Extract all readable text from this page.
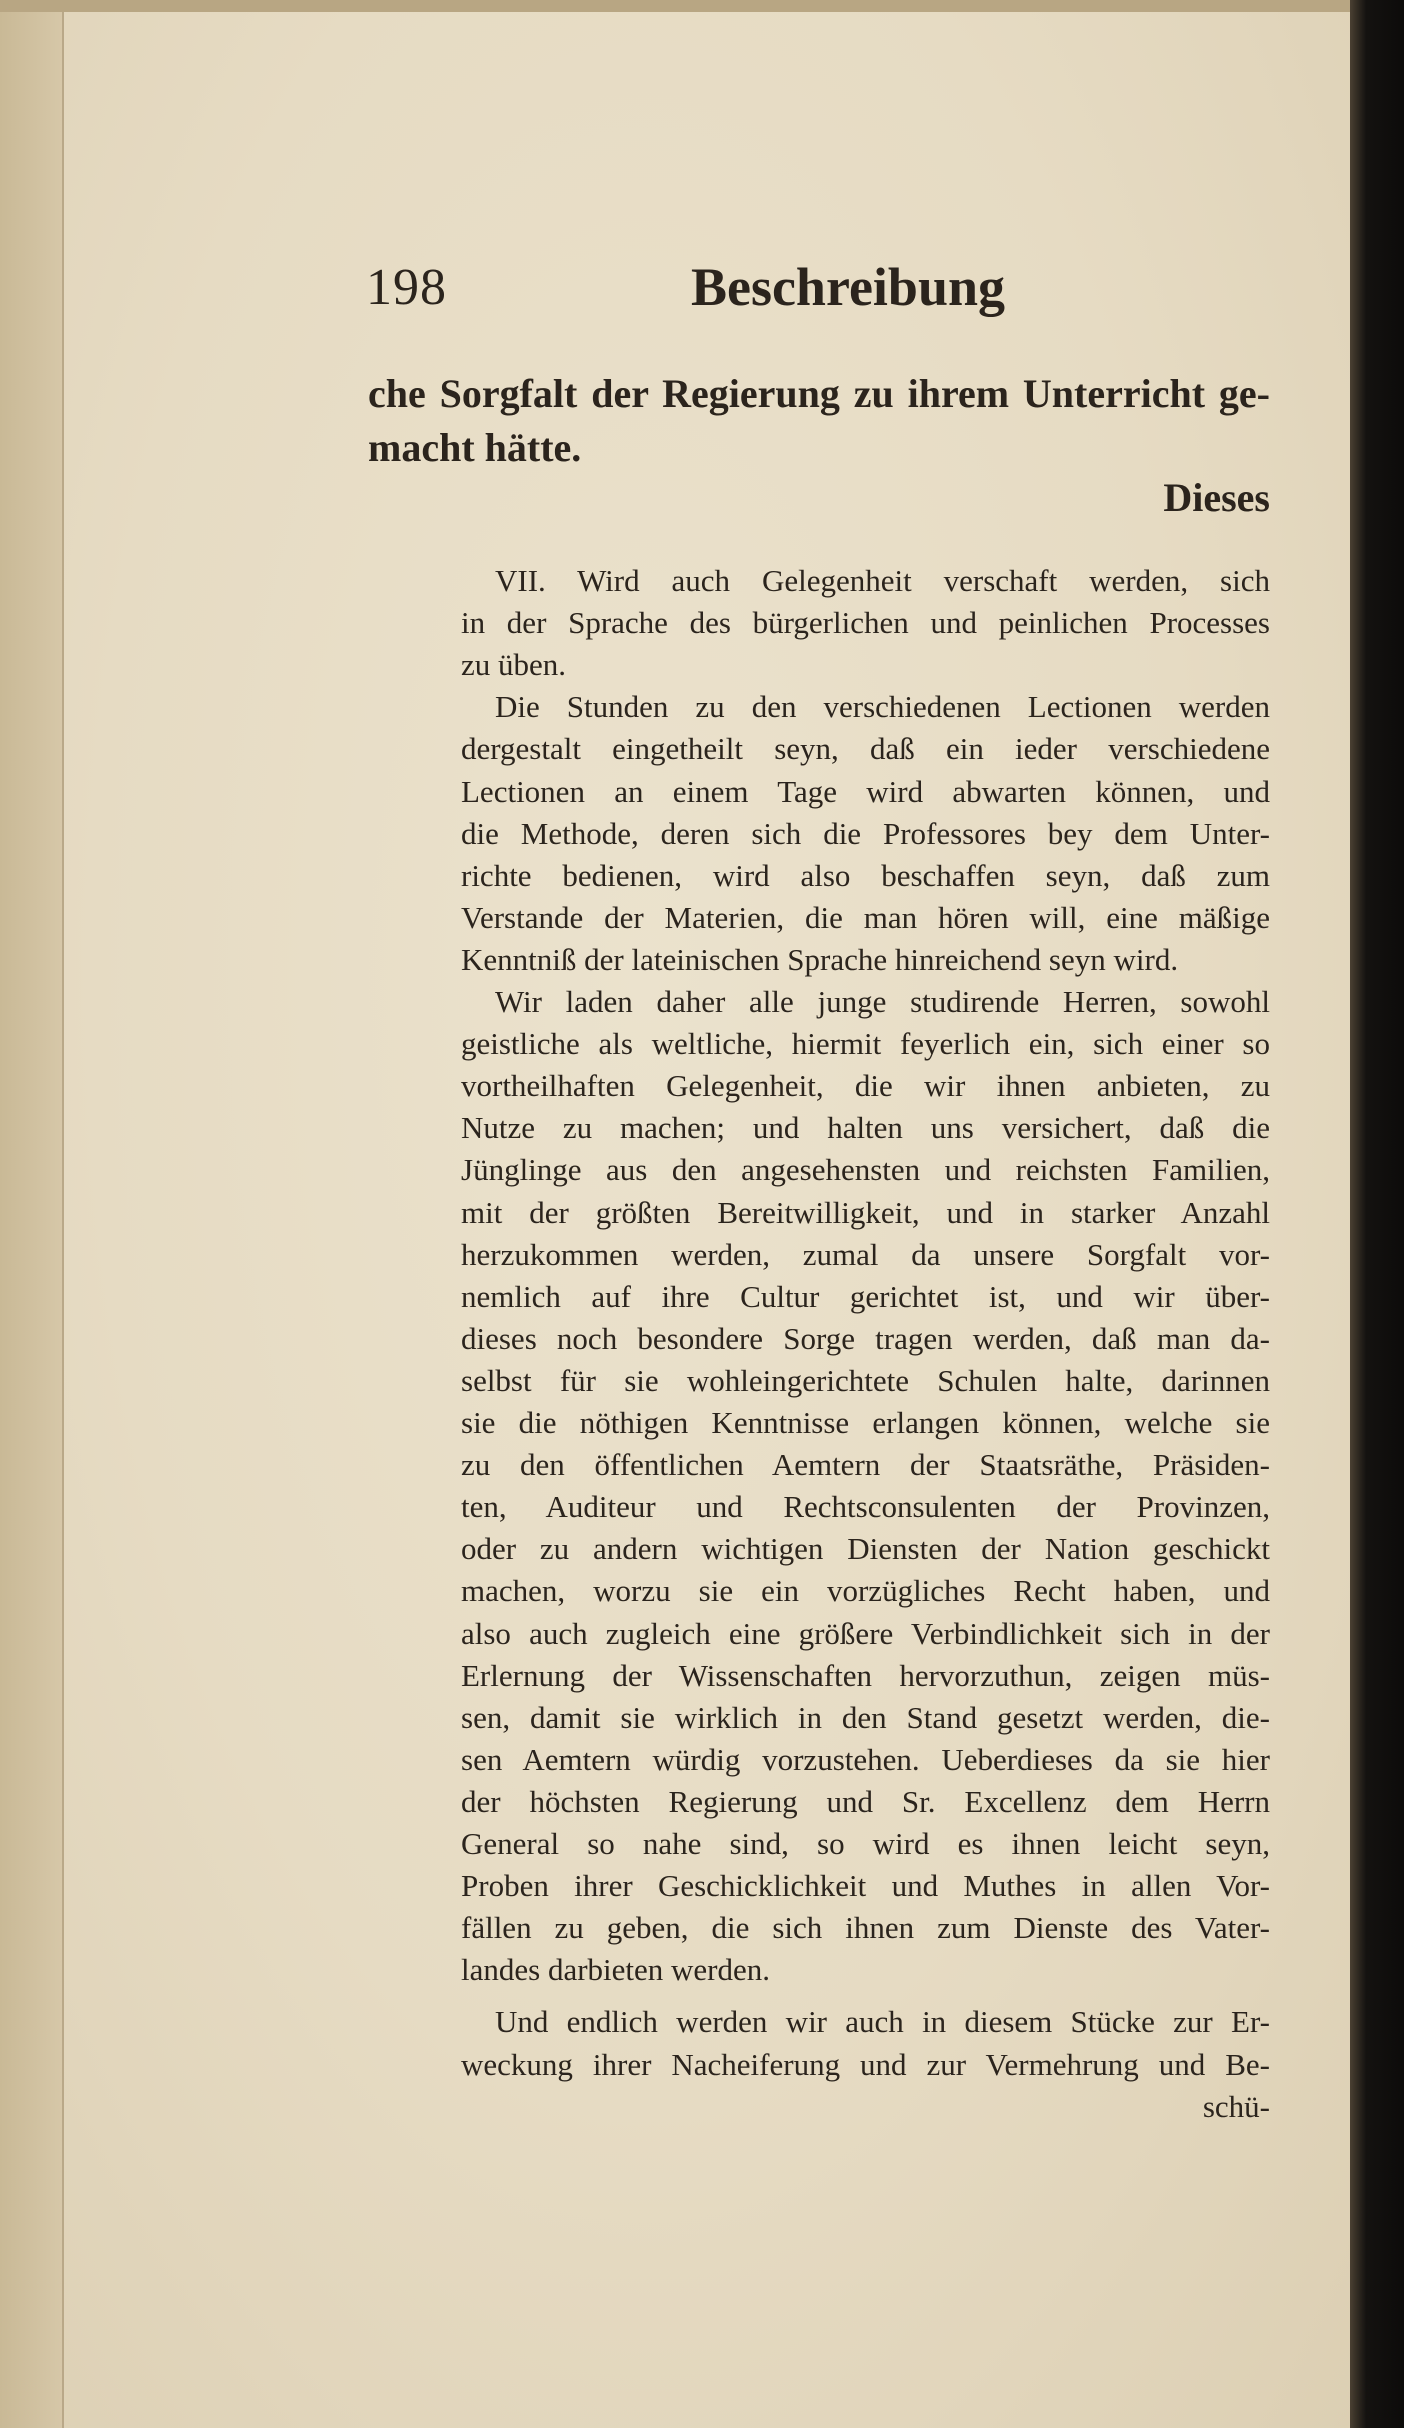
198	Beschreibung
che Sorgfalt der Regierung zu ihrem Unterricht ge-
macht hätte.
Dieses
VII. Wird auch Gelegenheit verschaft werden, sich
in der Sprache des bürgerlichen und peinlichen Processes
zu üben.
Die Stunden zu den verschiedenen Lectionen werden
dergestalt eingetheilt seyn, daß ein ieder verschiedene
Lectionen an einem Tage wird abwarten können, und
die Methode, deren sich die Professores bey dem Unter-
richte bedienen, wird also beschaffen seyn, daß zum
Verstande der Materien, die man hören will, eine mäßige
Kenntniß der lateinischen Sprache hinreichend seyn wird.
Wir laden daher alle junge studirende Herren, sowohl
geistliche als weltliche, hiermit feyerlich ein, sich einer so
vortheilhaften Gelegenheit, die wir ihnen anbieten, zu
Nutze zu machen; und halten uns versichert, daß die
Jünglinge aus den angesehensten und reichsten Familien,
mit der größten Bereitwilligkeit, und in starker Anzahl
herzukommen werden, zumal da unsere Sorgfalt vor-
nemlich auf ihre Cultur gerichtet ist, und wir über-
dieses noch besondere Sorge tragen werden, daß man da-
selbst für sie wohleingerichtete Schulen halte, darinnen
sie die nöthigen Kenntnisse erlangen können, welche sie
zu den öffentlichen Aemtern der Staatsräthe, Präsiden-
ten, Auditeur und Rechtsconsulenten der Provinzen,
oder zu andern wichtigen Diensten der Nation geschickt
machen, worzu sie ein vorzügliches Recht haben, und
also auch zugleich eine größere Verbindlichkeit sich in der
Erlernung der Wissenschaften hervorzuthun, zeigen müs-
sen, damit sie wirklich in den Stand gesetzt werden, die-
sen Aemtern würdig vorzustehen. Ueberdieses da sie hier
der höchsten Regierung und Sr. Excellenz dem Herrn
General so nahe sind, so wird es ihnen leicht seyn,
Proben ihrer Geschicklichkeit und Muthes in allen Vor-
fällen zu geben, die sich ihnen zum Dienste des Vater-
landes darbieten werden.
Und endlich werden wir auch in diesem Stücke zur Er-
weckung ihrer Nacheiferung und zur Vermehrung und Be-
schü-
